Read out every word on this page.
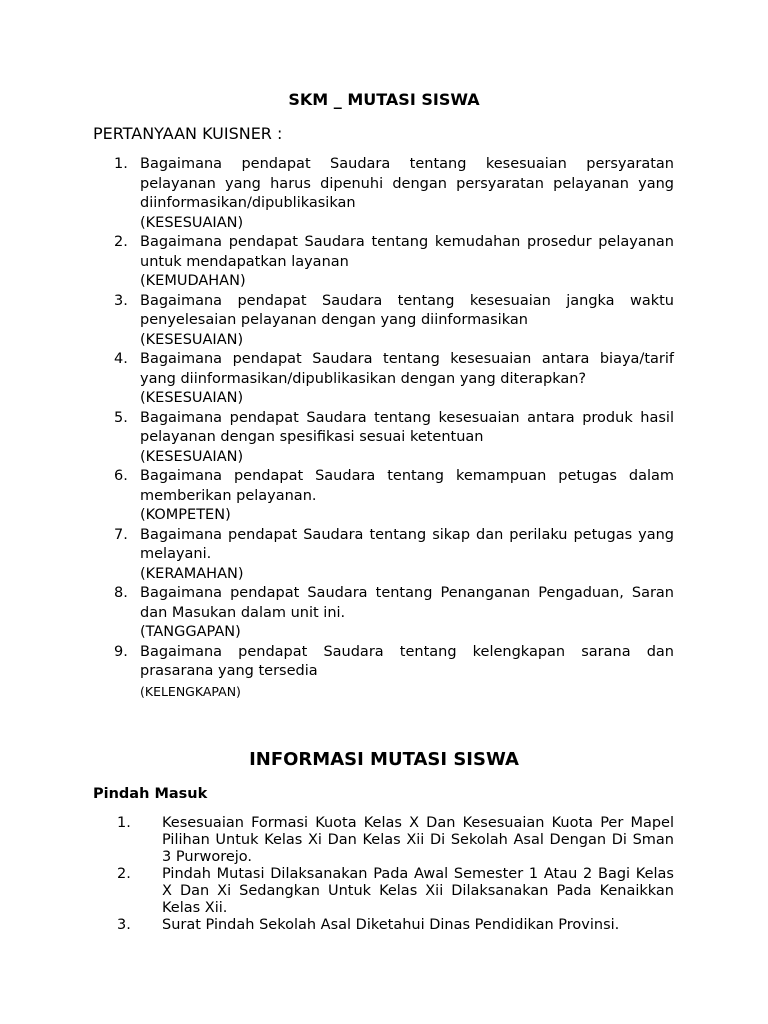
SKM _ MUTASI SISWA

PERTANYAAN KUISNER :

1. Bagaimana pendapat Saudara tentang kesesuaian persyaratan pelayanan yang harus dipenuhi dengan persyaratan pelayanan yang diinformasikan/dipublikasikan
(KESESUAIAN)
2. Bagaimana pendapat Saudara tentang kemudahan prosedur pelayanan untuk mendapatkan layanan
(KEMUDAHAN)
3. Bagaimana pendapat Saudara tentang kesesuaian jangka waktu penyelesaian pelayanan dengan yang diinformasikan
(KESESUAIAN)
4. Bagaimana pendapat Saudara tentang kesesuaian antara biaya/tarif yang diinformasikan/dipublikasikan dengan yang diterapkan?
(KESESUAIAN)
5. Bagaimana pendapat Saudara tentang kesesuaian antara produk hasil pelayanan dengan spesifikasi sesuai ketentuan
(KESESUAIAN)
6. Bagaimana pendapat Saudara tentang kemampuan petugas dalam memberikan pelayanan.
(KOMPETEN)
7. Bagaimana pendapat Saudara tentang sikap dan perilaku petugas yang melayani.
(KERAMAHAN)
8. Bagaimana pendapat Saudara tentang Penanganan Pengaduan, Saran dan Masukan dalam unit ini.
(TANGGAPAN)
9. Bagaimana pendapat Saudara tentang kelengkapan sarana dan prasarana yang tersedia
(KELENGKAPAN)
INFORMASI MUTASI SISWA

Pindah Masuk

1. Kesesuaian Formasi Kuota Kelas X Dan Kesesuaian Kuota Per Mapel Pilihan Untuk Kelas Xi Dan Kelas Xii Di Sekolah Asal Dengan Di Sman 3 Purworejo.
2. Pindah Mutasi Dilaksanakan Pada Awal Semester 1 Atau 2 Bagi Kelas X Dan Xi Sedangkan Untuk Kelas Xii Dilaksanakan Pada Kenaikkan Kelas Xii.
3. Surat Pindah Sekolah Asal Diketahui Dinas Pendidikan Provinsi.
